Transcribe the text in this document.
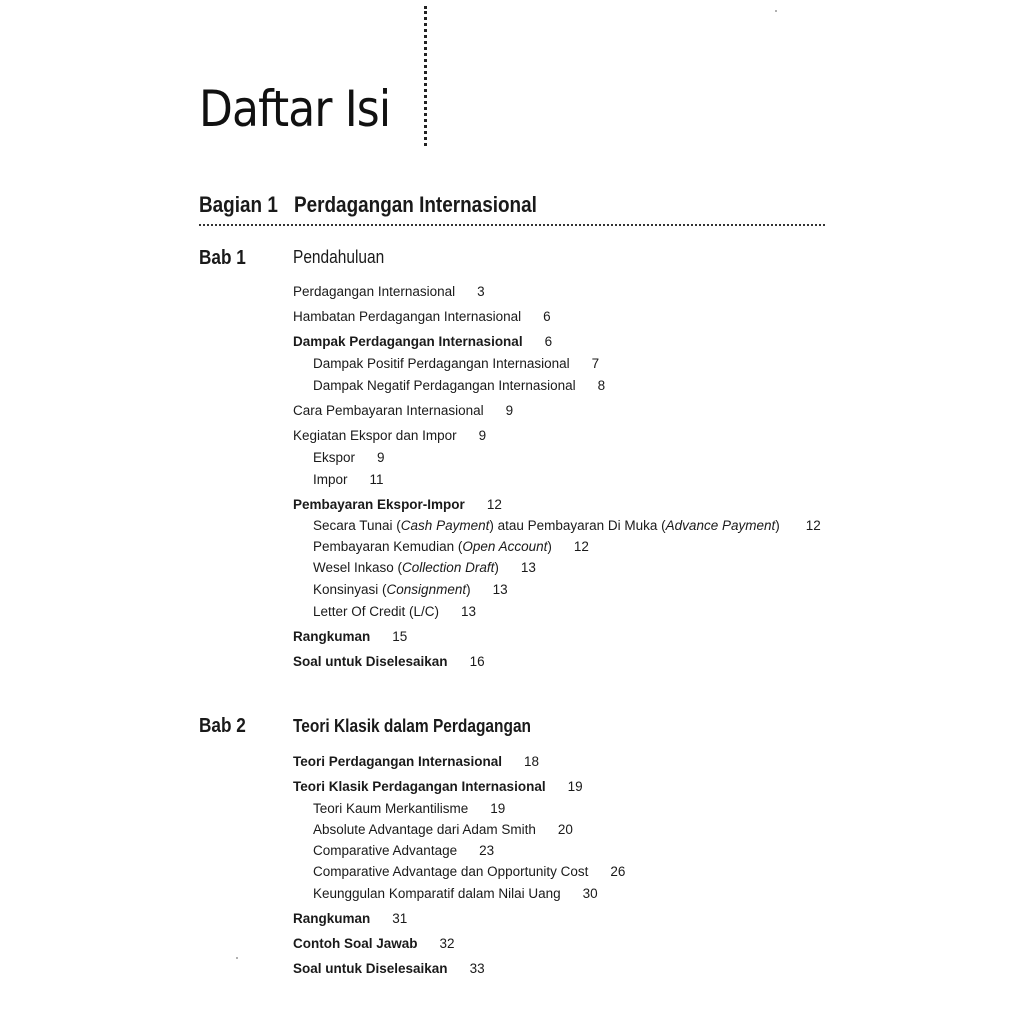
Daftar Isi
Bagian 1 Perdagangan Internasional
Bab 1	Pendahuluan
Perdagangan Internasional 3
Hambatan Perdagangan Internasional 6
Dampak Perdagangan Internasional 6
Dampak Positif Perdagangan Internasional 7
Dampak Negatif Perdagangan Internasional 8
Cara Pembayaran Internasional 9
Kegiatan Ekspor dan Impor 9
Ekspor 9
Impor 11
Pembayaran Ekspor-Impor 12
Secara Tunai (Cash Payment) atau Pembayaran Di Muka (Advance Payment) 12
Pembayaran Kemudian (Open Account) 12
Wesel Inkaso (Collection Draft) 13
Konsinyasi (Consignment) 13
Letter Of Credit (L/C) 13
Rangkuman 15
Soal untuk Diselesaikan 16
Bab 2	Teori Klasik dalam Perdagangan
Teori Perdagangan Internasional 18
Teori Klasik Perdagangan Internasional 19
Teori Kaum Merkantilisme 19
Absolute Advantage dari Adam Smith 20
Comparative Advantage 23
Comparative Advantage dan Opportunity Cost 26
Keunggulan Komparatif dalam Nilai Uang 30
Rangkuman 31
Contoh Soal Jawab 32
Soal untuk Diselesaikan 33
